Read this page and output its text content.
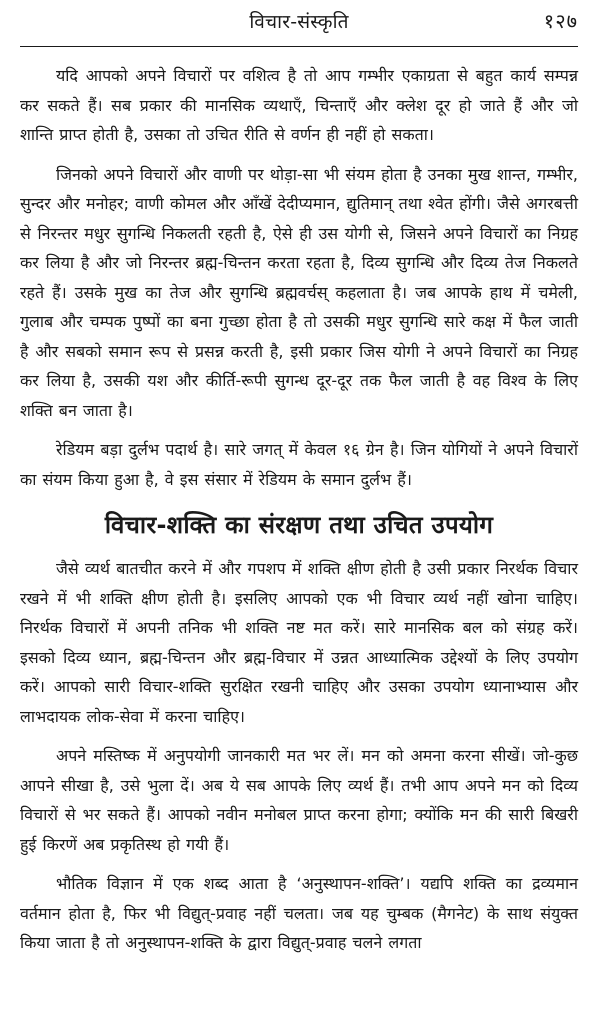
विचार-संस्कृति	१२७

यदि आपको अपने विचारों पर वशित्व है तो आप गम्भीर एकाग्रता से बहुत कार्य सम्पन्न कर सकते हैं। सब प्रकार की मानसिक व्यथाएँ, चिन्ताएँ और क्लेश दूर हो जाते हैं और जो शान्ति प्राप्त होती है, उसका तो उचित रीति से वर्णन ही नहीं हो सकता।

जिनको अपने विचारों और वाणी पर थोड़ा-सा भी संयम होता है उनका मुख शान्त, गम्भीर, सुन्दर और मनोहर; वाणी कोमल और आँखें देदीप्यमान, द्युतिमान् तथा श्वेत होंगी। जैसे अगरबत्ती से निरन्तर मधुर सुगन्धि निकलती रहती है, ऐसे ही उस योगी से, जिसने अपने विचारों का निग्रह कर लिया है और जो निरन्तर ब्रह्म-चिन्तन करता रहता है, दिव्य सुगन्धि और दिव्य तेज निकलते रहते हैं। उसके मुख का तेज और सुगन्धि ब्रह्मवर्चस् कहलाता है। जब आपके हाथ में चमेली, गुलाब और चम्पक पुष्पों का बना गुच्छा होता है तो उसकी मधुर सुगन्धि सारे कक्ष में फैल जाती है और सबको समान रूप से प्रसन्न करती है, इसी प्रकार जिस योगी ने अपने विचारों का निग्रह कर लिया है, उसकी यश और कीर्ति-रूपी सुगन्ध दूर-दूर तक फैल जाती है वह विश्व के लिए शक्ति बन जाता है।

रेडियम बड़ा दुर्लभ पदार्थ है। सारे जगत् में केवल १६ ग्रेन है। जिन योगियों ने अपने विचारों का संयम किया हुआ है, वे इस संसार में रेडियम के समान दुर्लभ हैं।

विचार-शक्ति का संरक्षण तथा उचित उपयोग

जैसे व्यर्थ बातचीत करने में और गपशप में शक्ति क्षीण होती है उसी प्रकार निरर्थक विचार रखने में भी शक्ति क्षीण होती है। इसलिए आपको एक भी विचार व्यर्थ नहीं खोना चाहिए। निरर्थक विचारों में अपनी तनिक भी शक्ति नष्ट मत करें। सारे मानसिक बल को संग्रह करें। इसको दिव्य ध्यान, ब्रह्म-चिन्तन और ब्रह्म-विचार में उन्नत आध्यात्मिक उद्देश्यों के लिए उपयोग करें। आपको सारी विचार-शक्ति सुरक्षित रखनी चाहिए और उसका उपयोग ध्यानाभ्यास और लाभदायक लोक-सेवा में करना चाहिए।

अपने मस्तिष्क में अनुपयोगी जानकारी मत भर लें। मन को अमना करना सीखें। जो-कुछ आपने सीखा है, उसे भुला दें। अब ये सब आपके लिए व्यर्थ हैं। तभी आप अपने मन को दिव्य विचारों से भर सकते हैं। आपको नवीन मनोबल प्राप्त करना होगा; क्योंकि मन की सारी बिखरी हुई किरणें अब प्रकृतिस्थ हो गयी हैं।

भौतिक विज्ञान में एक शब्द आता है ‘अनुस्थापन-शक्ति’। यद्यपि शक्ति का द्रव्यमान वर्तमान होता है, फिर भी विद्युत्-प्रवाह नहीं चलता। जब यह चुम्बक (मैगनेट) के साथ संयुक्त किया जाता है तो अनुस्थापन-शक्ति के द्वारा विद्युत्-प्रवाह चलने लगता
